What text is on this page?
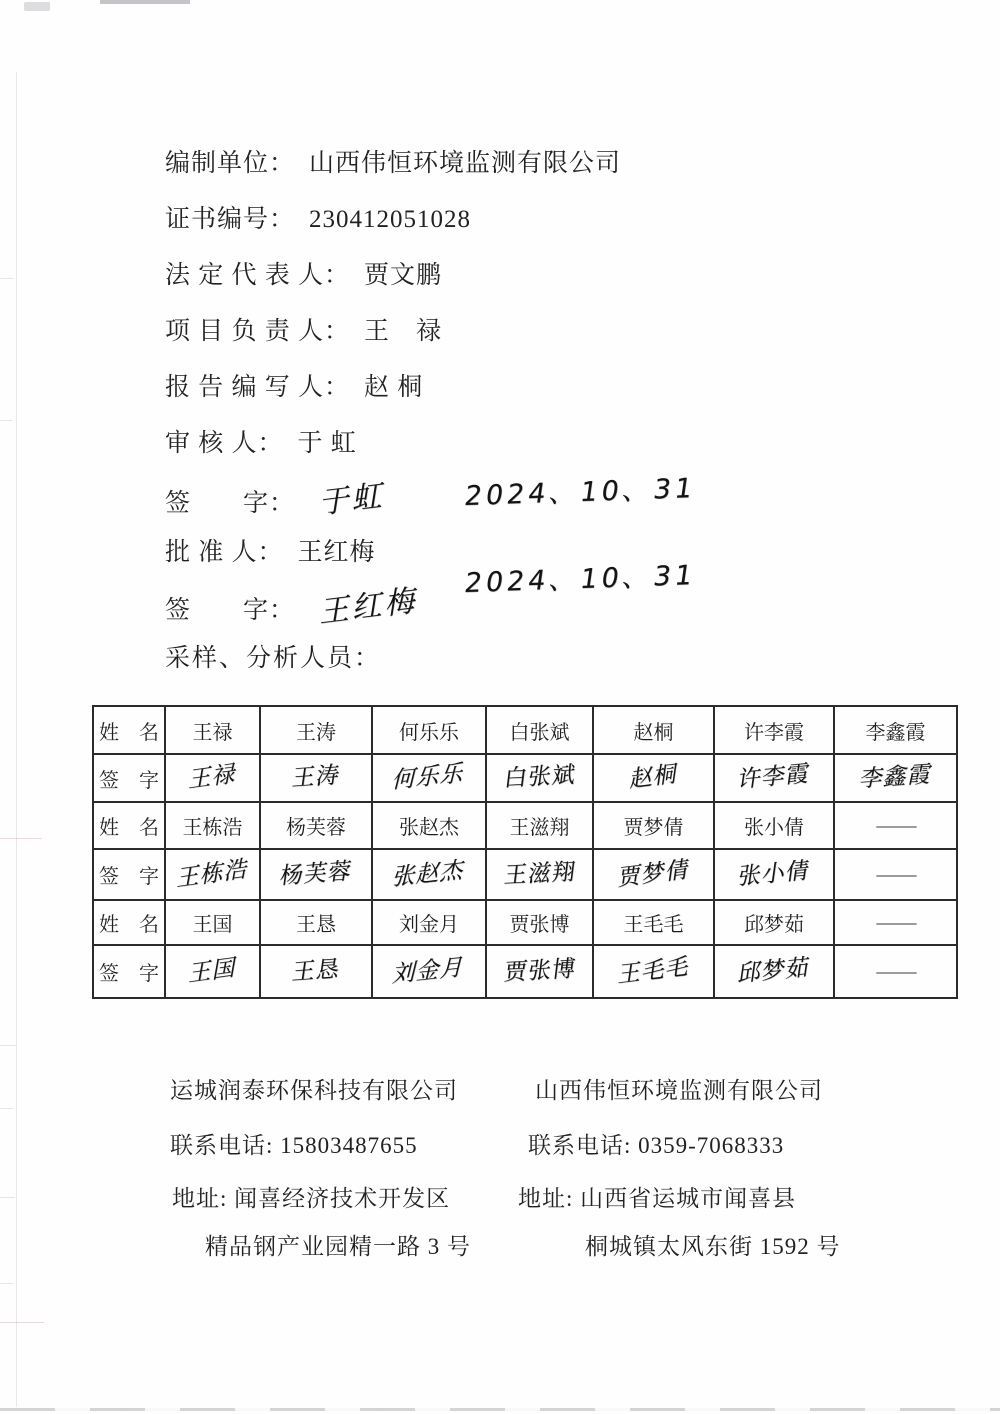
编制单位： 山西伟恒环境监测有限公司
证书编号： 230412051028
法 定 代 表 人： 贾文鹏
项 目 负 责 人： 王　禄
报 告 编 写 人： 赵 桐
审 核 人： 于 虹
签　　字： 于虹	2024、10、31
批 准 人： 王红梅
签　　字： 王红梅
2024、10、31
采样、分析人员：
姓　名	王禄	王涛	何乐乐	白张斌	赵桐	许李霞	李鑫霞
签　字	王禄	王涛	何乐乐	白张斌	赵桐	许李霞	李鑫霞
姓　名	王栋浩	杨芙蓉	张赵杰	王滋翔	贾梦倩	张小倩	——
签　字	王栋浩	杨芙蓉	张赵杰	王滋翔	贾梦倩	张小倩	——
姓　名	王国	王恳	刘金月	贾张博	王毛毛	邱梦茹	——
签　字	王国	王恳	刘金月	贾张博	王毛毛	邱梦茹	——
运城润泰环保科技有限公司	山西伟恒环境监测有限公司
联系电话: 15803487655	联系电话: 0359-7068333
地址: 闻喜经济技术开发区	地址: 山西省运城市闻喜县
精品钢产业园精一路 3 号	桐城镇太风东街 1592 号
